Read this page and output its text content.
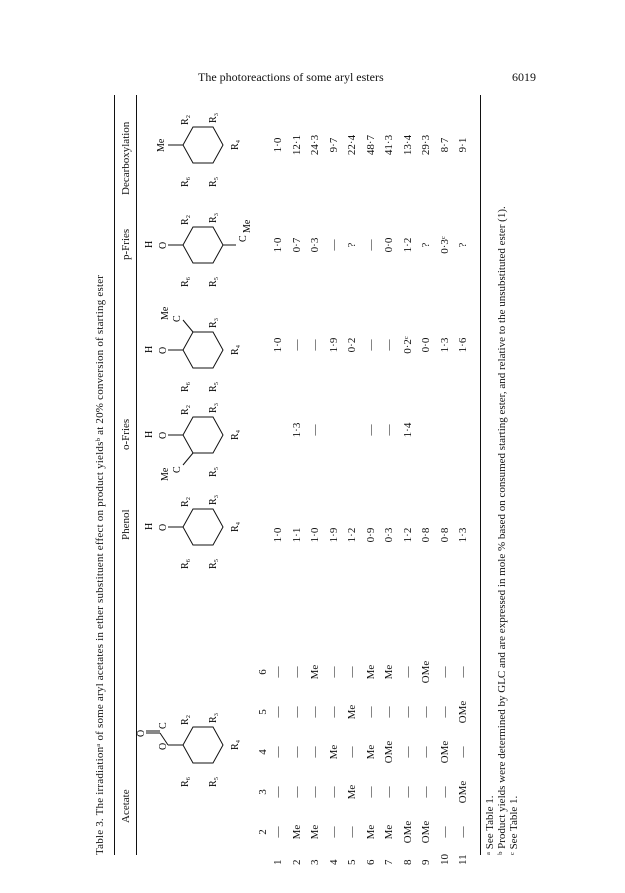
The photoreactions of some aryl esters	6019
Table 3. The irradiationᵃ of some aryl acetates in ether substituent effect on product yieldsᵇ at 20% conversion of starting ester Acetate
Phenol
o-Fries
p-Fries
Decarboxylation
O
O
C
R₂ R₃
R₄
R₅
R₆
O
H
R₂ R₃
R₄
R₅
R₆
O
H
C
Me
R₂ R₃
R₄
R₅
O
H
C
Me
R₃
R₄
R₅
R₆
O
H
C
Me
R₂ R₃
R₅
R₆
Me
R₂ R₃
R₄
R₅
R₆
2
3
4
5
6
1
—
—
—
—
—
1·0
1·0
1·0
1·0
2
Me
—
—
—
—
1·1
1·3
—
0·7
12·1
3
Me
—
—
—
Me
1·0
—
—
0·3
24·3
4
—
—
Me
—
—
1·9
1·9
—
9·7
5
—
Me
—
Me
—
1·2
0·2
?
22·4
6
Me
—
Me
—
Me
0·9
—
—
—
48·7
7
Me
—
OMe
—
Me
0·3
—
—
0·0
41·3
8
OMe
—
—
—
—
1·2
1·4
0·2ᶜ
1·2
13·4
9
OMe
—
—
—
OMe
0·8
0·0
?
29·3
10
—
—
OMe
—
—
0·8
1·3
0·3ᶜ
8·7
11
—
OMe
—
OMe
—
1·3
1·6
?
9·1
ᵃ See Table 1. ᵇ Product yields were determined by GLC and are expressed in mole % based on consumed starting ester, and relative to the unsubstituted ester (1). ᶜ See Table 1.
